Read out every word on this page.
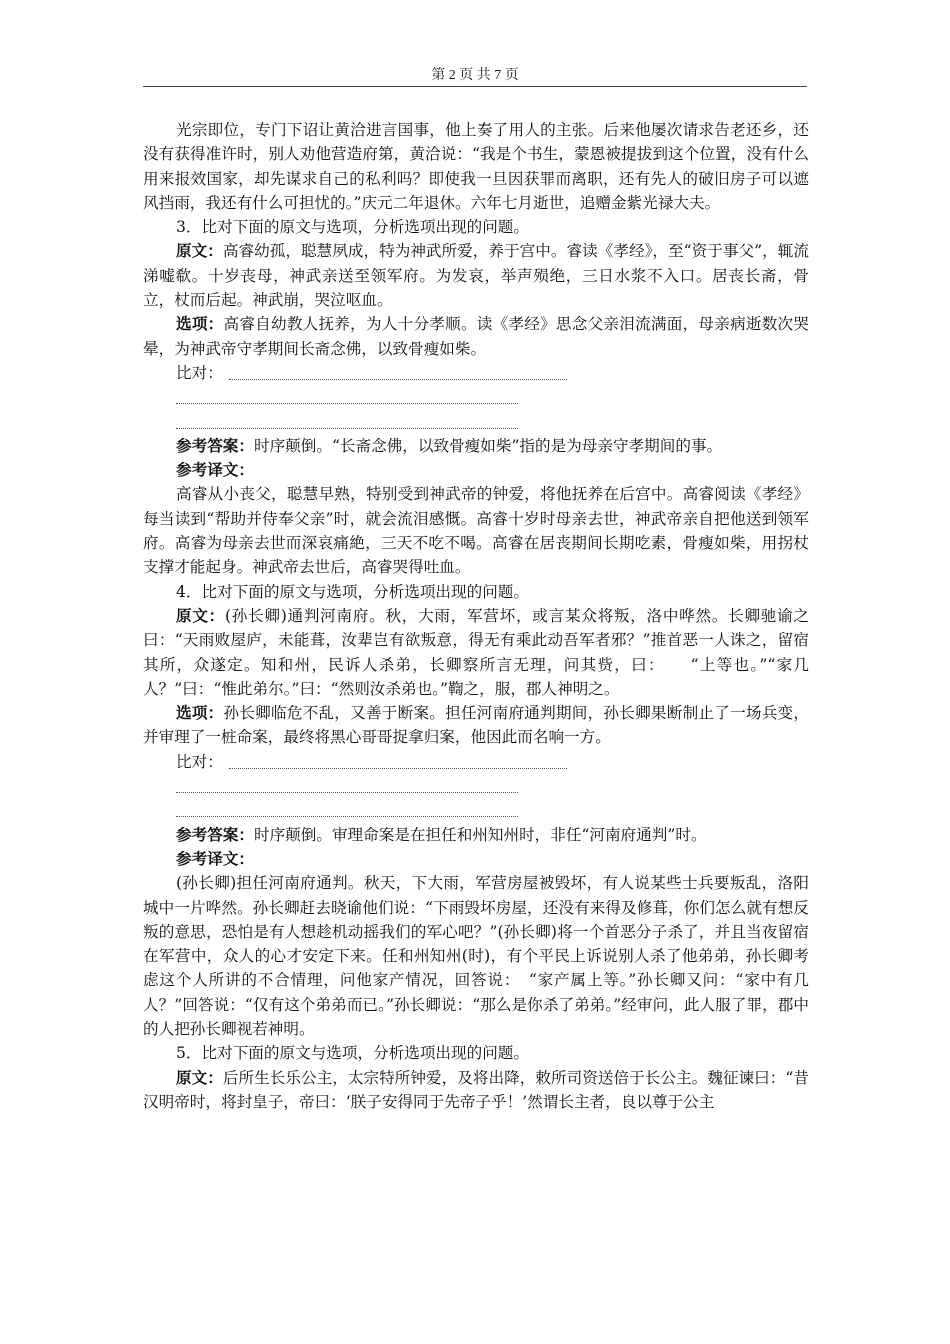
第 2 页 共 7 页

光宗即位，专门下诏让黄洽进言国事，他上奏了用人的主张。后来他屡次请求告老还乡，还没有获得准许时，别人劝他营造府第，黄洽说：“我是个书生，蒙恩被提拔到这个位置，没有什么用来报效国家，却先谋求自己的私利吗？即使我一旦因获罪而离职，还有先人的破旧房子可以遮风挡雨，我还有什么可担忧的。”庆元二年退休。六年七月逝世，追赠金紫光禄大夫。

3．比对下面的原文与选项，分析选项出现的问题。

原文：高睿幼孤，聪慧夙成，特为神武所爱，养于宫中。睿读《孝经》，至“资于事父”，辄流涕嘘欷。十岁丧母，神武亲送至领军府。为发哀，举声殒绝，三日水浆不入口。居丧长斋，骨立，杖而后起。神武崩，哭泣呕血。

选项：高睿自幼教人抚养，为人十分孝顺。读《孝经》思念父亲泪流满面，母亲病逝数次哭晕，为神武帝守孝期间长斋念佛，以致骨瘦如柴。

比对：

参考答案：时序颠倒。“长斋念佛，以致骨瘦如柴”指的是为母亲守孝期间的事。

参考译文：

高睿从小丧父，聪慧早熟，特别受到神武帝的钟爱，将他抚养在后宫中。高睿阅读《孝经》每当读到“帮助并侍奉父亲”时，就会流泪感慨。高睿十岁时母亲去世，神武帝亲自把他送到领军府。高睿为母亲去世而深哀痛絶，三天不吃不喝。高睿在居丧期间长期吃素，骨瘦如柴，用拐杖支撑才能起身。神武帝去世后，高睿哭得吐血。

4．比对下面的原文与选项，分析选项出现的问题。

原文：(孙长卿)通判河南府。秋，大雨，军营坏，或言某众将叛，洛中哗然。长卿驰谕之曰：“天雨败屋庐，未能葺，汝辈岂有欲叛意，得无有乘此动吾军者邪？”推首恶一人诛之，留宿其所，众遂定。知和州，民诉人杀弟，长卿察所言无理，问其赀，曰：　　“上等也。”“家几人？”曰：“惟此弟尔。”曰：“然则汝杀弟也。”鞫之，服，郡人神明之。

选项：孙长卿临危不乱，又善于断案。担任河南府通判期间，孙长卿果断制止了一场兵变，并审理了一桩命案，最终将黑心哥哥捉拿归案，他因此而名响一方。

比对：

参考答案：时序颠倒。审理命案是在担任和州知州时，非任“河南府通判”时。

参考译文：

(孙长卿)担任河南府通判。秋天，下大雨，军营房屋被毁坏，有人说某些士兵要叛乱，洛阳城中一片哗然。孙长卿赶去晓谕他们说：“下雨毁坏房屋，还没有来得及修葺，你们怎么就有想反叛的意思，恐怕是有人想趁机动摇我们的军心吧？”(孙长卿)将一个首恶分子杀了，并且当夜留宿在军营中，众人的心才安定下来。任和州知州(时)，有个平民上诉说别人杀了他弟弟，孙长卿考虑这个人所讲的不合情理，问他家产情况，回答说：　“家产属上等。”孙长卿又问：“家中有几人？”回答说：“仅有这个弟弟而已。”孙长卿说：“那么是你杀了弟弟。”经审问，此人服了罪，郡中的人把孙长卿视若神明。

5．比对下面的原文与选项，分析选项出现的问题。

原文：后所生长乐公主，太宗特所钟爱，及将出降，敕所司资送倍于长公主。魏征谏曰：“昔汉明帝时，将封皇子，帝曰：‘朕子安得同于先帝子乎！’然谓长主者，良以尊于公主
